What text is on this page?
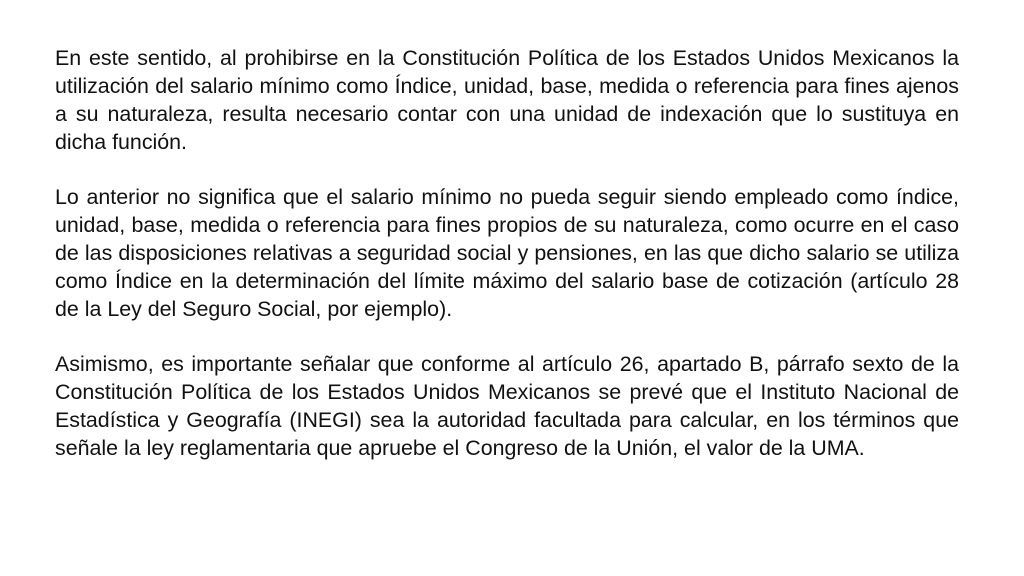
En este sentido, al prohibirse en la Constitución Política de los Estados Unidos Mexicanos la utilización del salario mínimo como Índice, unidad, base, medida o referencia para fines ajenos a su naturaleza, resulta necesario contar con una unidad de indexación que lo sustituya en dicha función.

Lo anterior no significa que el salario mínimo no pueda seguir siendo empleado como índice, unidad, base, medida o referencia para fines propios de su naturaleza, como ocurre en el caso de las disposiciones relativas a seguridad social y pensiones, en las que dicho salario se utiliza como Índice en la determinación del límite máximo del salario base de cotización (artículo 28 de la Ley del Seguro Social, por ejemplo).

Asimismo, es importante señalar que conforme al artículo 26, apartado B, párrafo sexto de la Constitución Política de los Estados Unidos Mexicanos se prevé que el Instituto Nacional de Estadística y Geografía (INEGI) sea la autoridad facultada para calcular, en los términos que señale la ley reglamentaria que apruebe el Congreso de la Unión, el valor de la UMA.
